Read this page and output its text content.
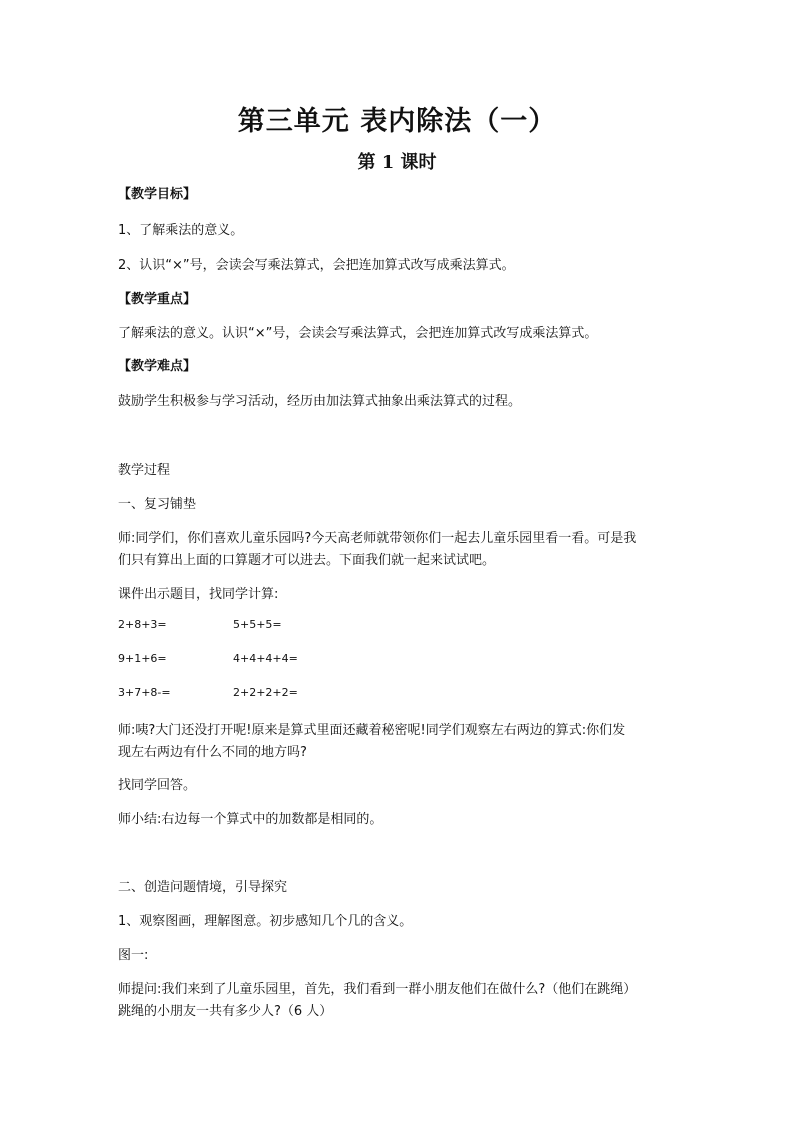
第三单元 表内除法（一）
第 1 课时
【教学目标】
1、了解乘法的意义。
2、认识“×”号，会读会写乘法算式，会把连加算式改写成乘法算式。
【教学重点】
了解乘法的意义。认识“×”号，会读会写乘法算式，会把连加算式改写成乘法算式。
【教学难点】
鼓励学生积极参与学习活动，经历由加法算式抽象出乘法算式的过程。
教学过程
一、复习铺垫
师:同学们，你们喜欢儿童乐园吗?今天高老师就带领你们一起去儿童乐园里看一看。可是我
们只有算出上面的口算题才可以进去。下面我们就一起来试试吧。
课件出示题目，找同学计算:
2+8+3=	5+5+5=
9+1+6=	4+4+4+4=
3+7+8-=	2+2+2+2=
师:咦?大门还没打开呢!原来是算式里面还藏着秘密呢!同学们观察左右两边的算式:你们发
现左右两边有什么不同的地方吗?
找同学回答。
师小结:右边每一个算式中的加数都是相同的。
二、创造问题情境，引导探究
1、观察图画，理解图意。初步感知几个几的含义。
图一:
师提问:我们来到了儿童乐园里，首先，我们看到一群小朋友他们在做什么?（他们在跳绳）
跳绳的小朋友一共有多少人?（6 人）
